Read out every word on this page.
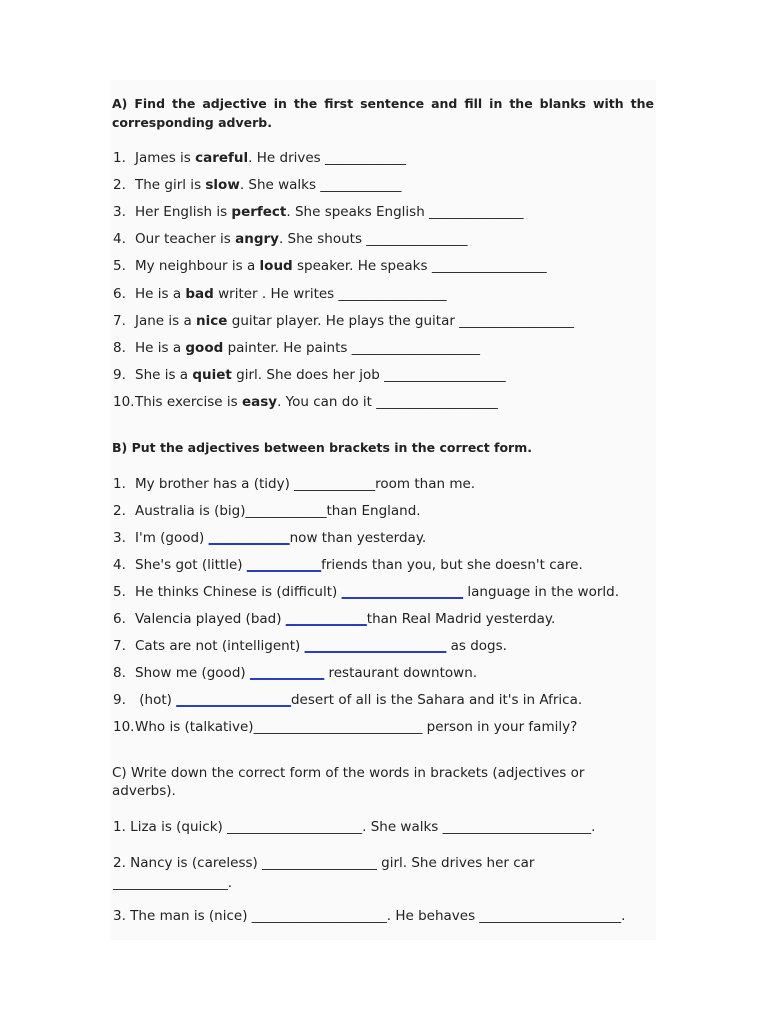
A) Find the adjective in the first sentence and fill in the blanks with the corresponding adverb.
1. James is careful. He drives ____________
2. The girl is slow. She walks ____________
3. Her English is perfect. She speaks English ______________
4. Our teacher is angry. She shouts _______________
5. My neighbour is a loud speaker. He speaks _________________
6. He is a bad writer . He writes ________________
7. Jane is a nice guitar player. He plays the guitar _________________
8. He is a good painter. He paints ___________________
9. She is a quiet girl. She does her job __________________
10.This exercise is easy. You can do it __________________
B) Put the adjectives between brackets in the correct form.
1. My brother has a (tidy) ____________room than me.
2. Australia is (big)____________than England.
3. I'm (good) ____________now than yesterday.
4. She's got (little) ___________friends than you, but she doesn't care.
5. He thinks Chinese is (difficult) __________________ language in the world.
6. Valencia played (bad) ____________than Real Madrid yesterday.
7. Cats are not (intelligent) _____________________ as dogs.
8. Show me (good) ___________ restaurant downtown.
9. (hot) _________________desert of all is the Sahara and it's in Africa.
10.Who is (talkative)_________________________ person in your family?
C) Write down the correct form of the words in brackets (adjectives or adverbs).
1. Liza is (quick) ____________________. She walks ______________________.
2. Nancy is (careless) _________________ girl. She drives her car
_________________.
3. The man is (nice) ____________________. He behaves _____________________.
